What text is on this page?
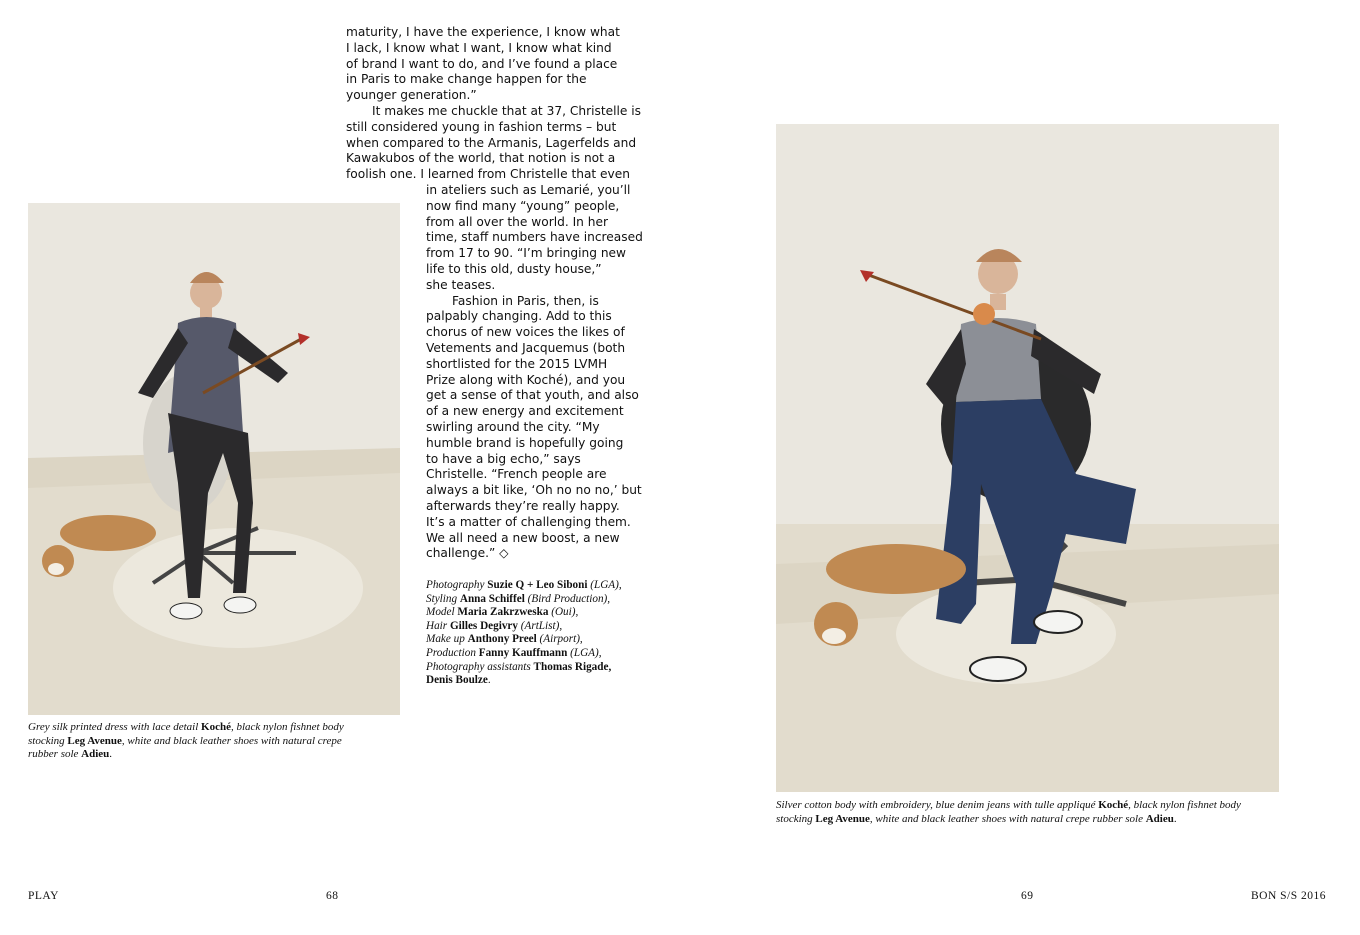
maturity, I have the experience, I know what
I lack, I know what I want, I know what kind
of brand I want to do, and I’ve found a place
in Paris to make change happen for the
younger generation.”
It makes me chuckle that at 37, Christelle is
still considered young in fashion terms – but
when compared to the Armanis, Lagerfelds and
Kawakubos of the world, that notion is not a
foolish one. I learned from Christelle that even
in ateliers such as Lemarié, you’ll
now find many “young” people,
from all over the world. In her
time, staff numbers have increased
from 17 to 90. “I’m bringing new
life to this old, dusty house,”
she teases.
Fashion in Paris, then, is
palpably changing. Add to this
chorus of new voices the likes of
Vetements and Jacquemus (both
shortlisted for the 2015 LVMH
Prize along with Koché), and you
get a sense of that youth, and also
of a new energy and excitement
swirling around the city. “My
humble brand is hopefully going
to have a big echo,” says
Christelle. “French people are
always a bit like, ‘Oh no no no,’ but
afterwards they’re really happy.
It’s a matter of challenging them.
We all need a new boost, a new
challenge.” ◇
Photography Suzie Q + Leo Siboni (LGA),
Styling Anna Schiffel (Bird Production),
Model Maria Zakrzweska (Oui),
Hair Gilles Degivry (ArtList),
Make up Anthony Preel (Airport),
Production Fanny Kauffmann (LGA),
Photography assistants Thomas Rigade,
Denis Boulze.
Grey silk printed dress with lace detail Koché, black nylon fishnet body
stocking Leg Avenue, white and black leather shoes with natural crepe
rubber sole Adieu.
Silver cotton body with embroidery, blue denim jeans with tulle appliqué Koché, black nylon fishnet body
stocking Leg Avenue, white and black leather shoes with natural crepe rubber sole Adieu.
PLAY	68	69	BON S/S 2016
